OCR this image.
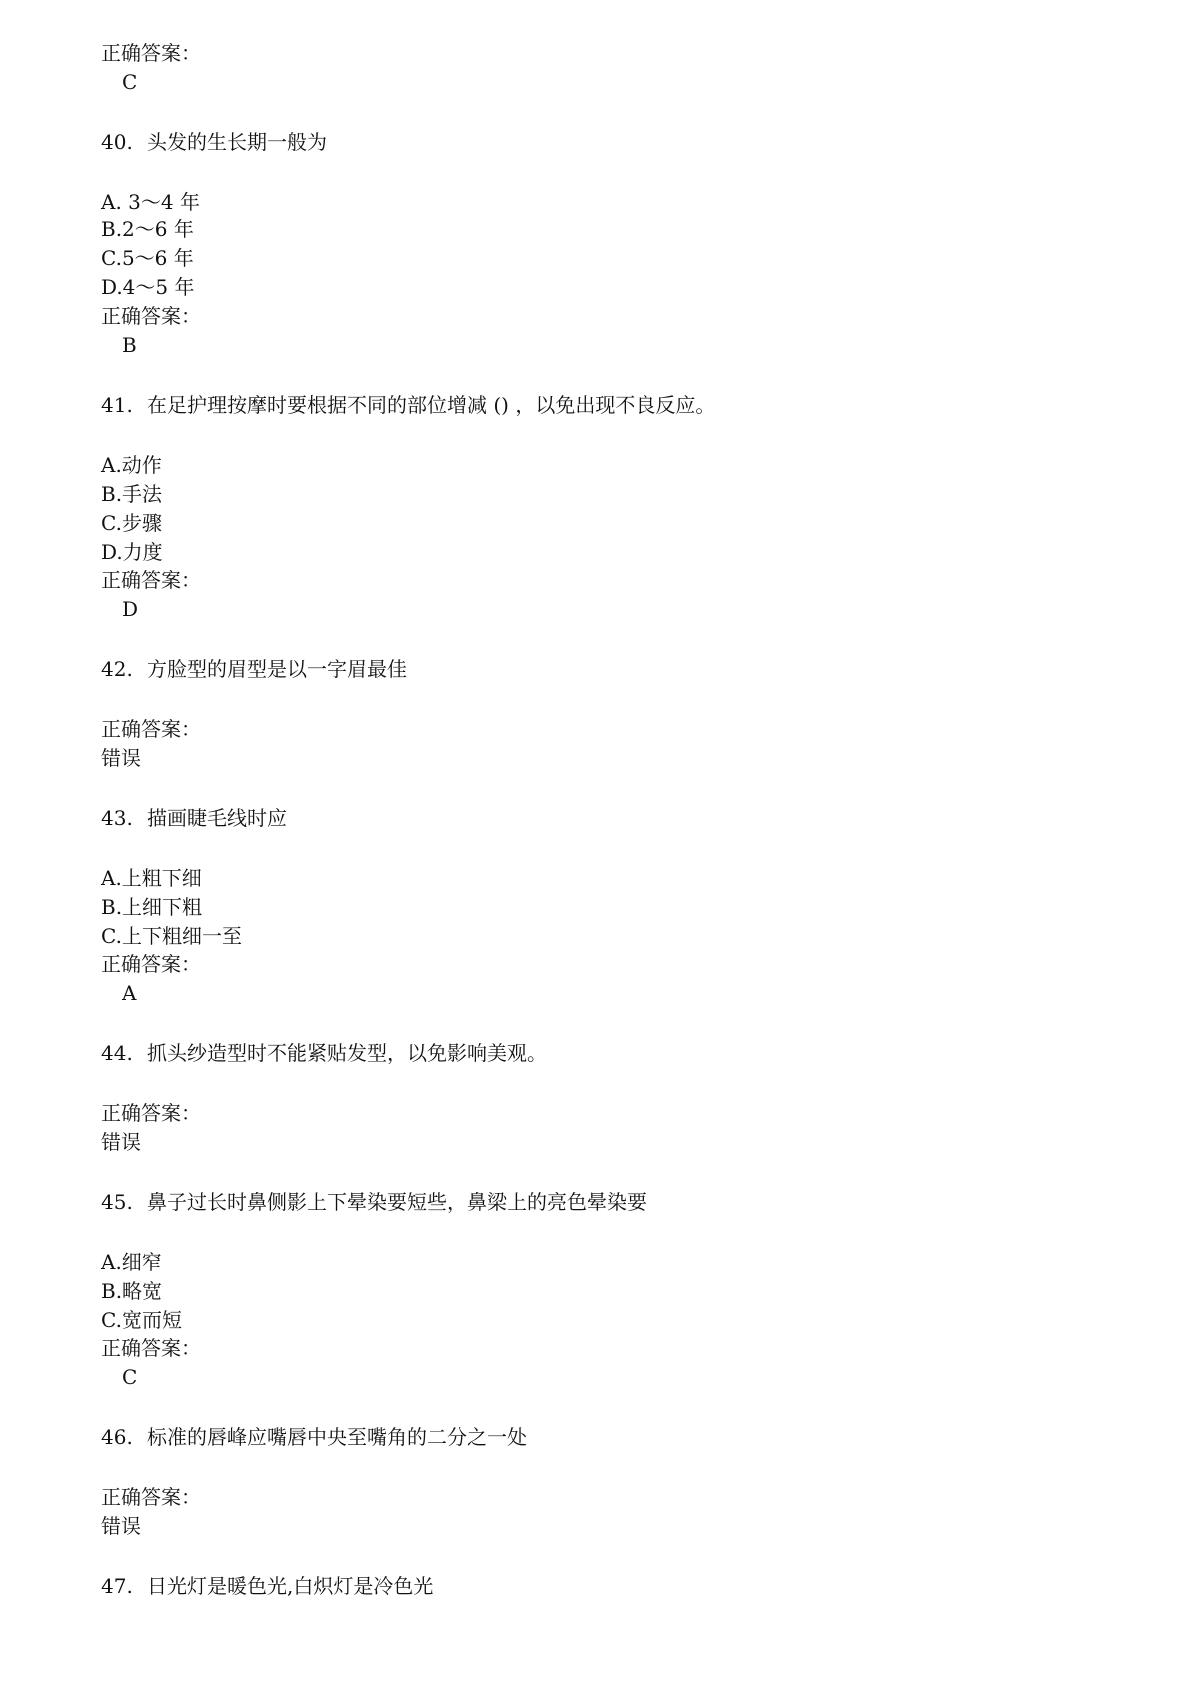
正确答案：
C
40. 头发的生长期一般为
A. 3～4 年
B.2～6 年
C.5～6 年
D.4～5 年
正确答案：
B
41. 在足护理按摩时要根据不同的部位增减 () ，以免出现不良反应。
A.动作
B.手法
C.步骤
D.力度
正确答案：
D
42. 方脸型的眉型是以一字眉最佳
正确答案：
错误
43. 描画睫毛线时应
A.上粗下细
B.上细下粗
C.上下粗细一至
正确答案：
A
44. 抓头纱造型时不能紧贴发型，以免影响美观。
正确答案：
错误
45. 鼻子过长时鼻侧影上下晕染要短些，鼻梁上的亮色晕染要
A.细窄
B.略宽
C.宽而短
正确答案：
C
46. 标准的唇峰应嘴唇中央至嘴角的二分之一处
正确答案：
错误
47. 日光灯是暖色光,白炽灯是冷色光
